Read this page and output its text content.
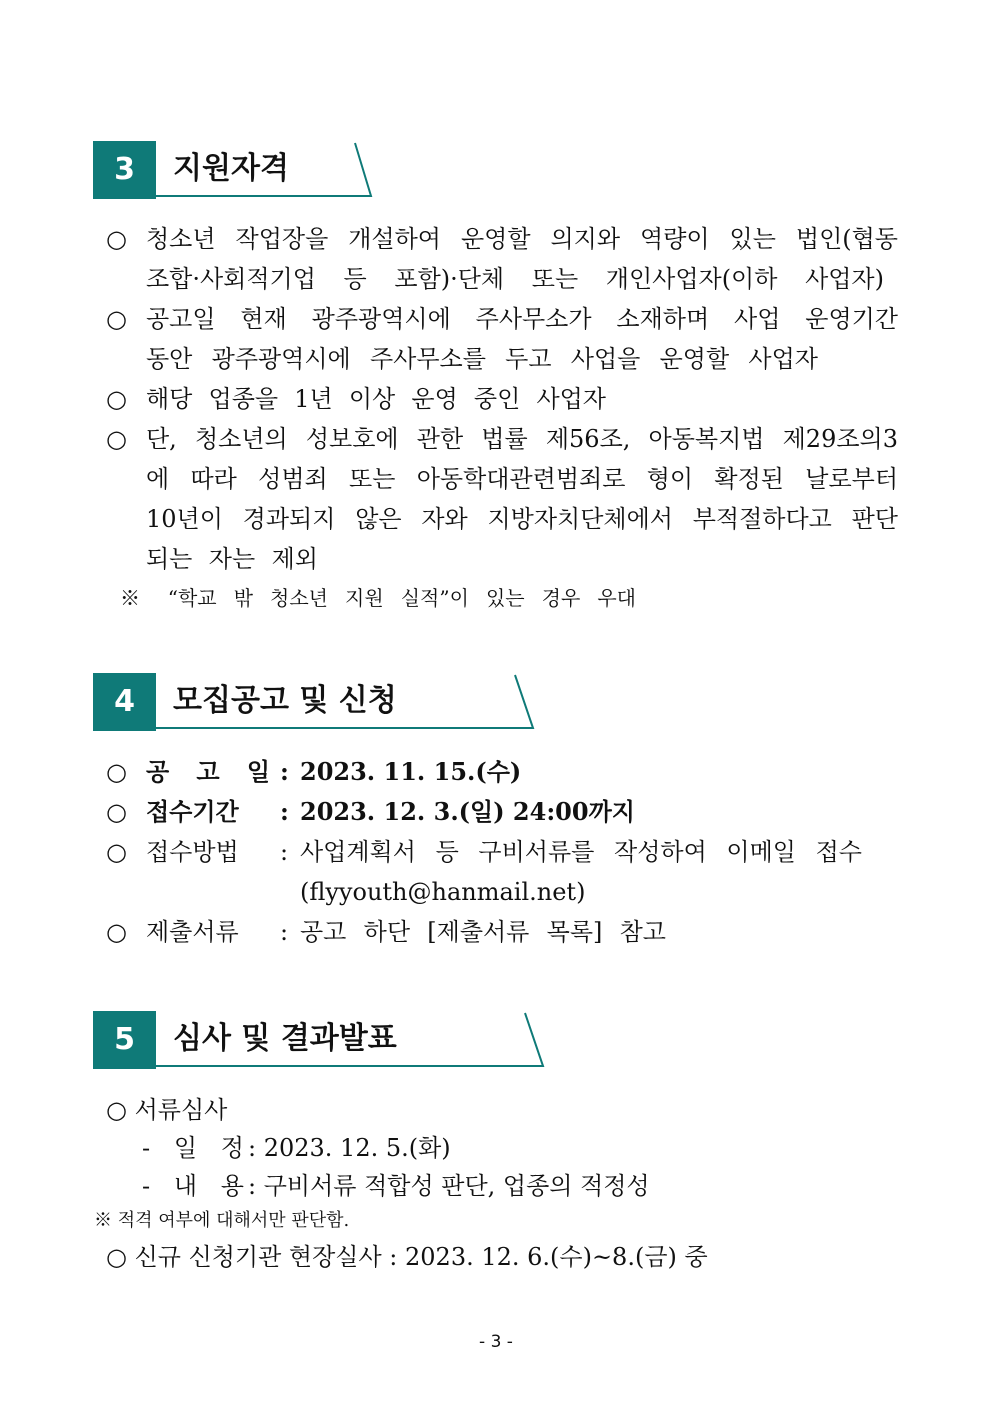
3	지원자격
○ 청소년 작업장을 개설하여 운영할 의지와 역량이 있는 법인(협동
조합·사회적기업 등 포함)·단체 또는 개인사업자(이하 사업자)
○ 공고일 현재 광주광역시에 주사무소가 소재하며 사업 운영기간
동안 광주광역시에 주사무소를 두고 사업을 운영할 사업자
○ 해당 업종을 1년 이상 운영 중인 사업자
○ 단, 청소년의 성보호에 관한 법률 제56조, 아동복지법 제29조의3
에 따라 성범죄 또는 아동학대관련범죄로 형이 확정된 날로부터
10년이 경과되지 않은 자와 지방자치단체에서 부적절하다고 판단
되는 자는 제외
※ “학교 밖 청소년 지원 실적”이 있는 경우 우대
4	모집공고 및 신청
○ 공 고 일 : 2023. 11. 15.(수)
○ 접수기간	: 2023. 12. 3.(일) 24:00까지
○ 접수방법	: 사업계획서 등 구비서류를 작성하여 이메일 접수
(flyyouth@hanmail.net)
○ 제출서류	: 공고 하단 [제출서류 목록] 참고
5	심사 및 결과발표
○ 서류심사
- 일 정 : 2023. 12. 5.(화)
- 내 용 : 구비서류 적합성 판단, 업종의 적정성
※ 적격 여부에 대해서만 판단함.
○ 신규 신청기관 현장실사 : 2023. 12. 6.(수)~8.(금) 중
- 3 -
